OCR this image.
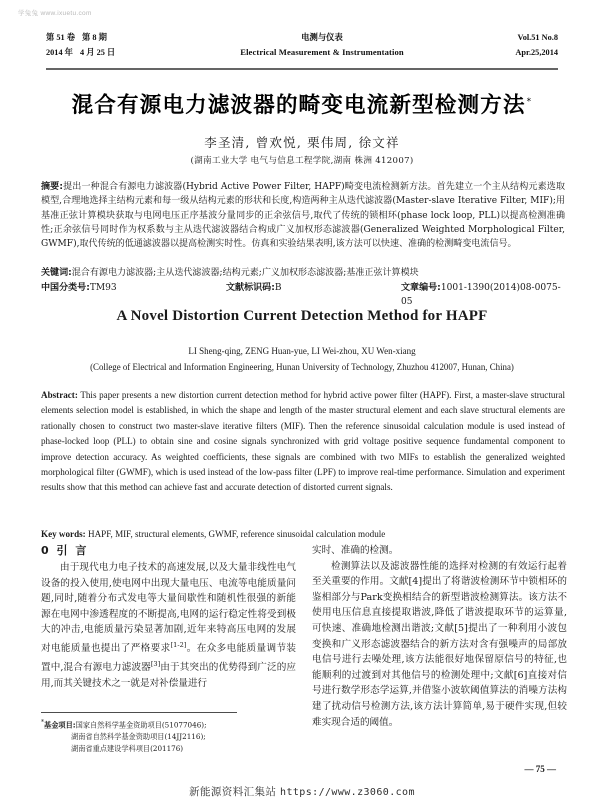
学兔兔 www.ixuetu.com
第 51 卷 第 8 期	电测与仪表	Vol.51 No.8
2014 年 4 月 25 日	Electrical Measurement & Instrumentation	Apr.25,2014
混合有源电力滤波器的畸变电流新型检测方法*
李圣清, 曾欢悦, 栗伟周, 徐文祥
(湖南工业大学 电气与信息工程学院,湖南 株洲 412007)
摘要:提出一种混合有源电力滤波器(Hybrid Active Power Filter, HAPF)畸变电流检测新方法。首先建立一个主从结构元素选取模型,合理地选择主结构元素和每一级从结构元素的形状和长度,构造两种主从迭代滤波器(Master-slave Iterative Filter, MIF);用基准正弦计算模块获取与电网电压正序基波分量同步的正余弦信号,取代了传统的锁相环(phase lock loop, PLL)以提高检测准确性;正余弦信号同时作为权系数与主从迭代滤波器结合构成广义加权形态滤波器(Generalized Weighted Morphological Filter, GWMF),取代传统的低通滤波器以提高检测实时性。仿真和实验结果表明,该方法可以快速、准确的检测畸变电流信号。
关键词:混合有源电力滤波器;主从迭代滤波器;结构元素;广义加权形态滤波器;基准正弦计算模块
中国分类号:TM93	文献标识码:B	文章编号:1001-1390(2014)08-0075-05
A Novel Distortion Current Detection Method for HAPF
LI Sheng-qing, ZENG Huan-yue, LI Wei-zhou, XU Wen-xiang
(College of Electrical and Information Engineering, Hunan University of Technology, Zhuzhou 412007, Hunan, China)
Abstract: This paper presents a new distortion current detection method for hybrid active power filter (HAPF). First, a master-slave structural elements selection model is established, in which the shape and length of the master structural element and each slave structural elements are rationally chosen to construct two master-slave iterative filters (MIF). Then the reference sinusoidal calculation module is used instead of phase-locked loop (PLL) to obtain sine and cosine signals synchronized with grid voltage positive sequence fundamental component to improve detection accuracy. As weighted coefficients, these signals are combined with two MIFs to establish the generalized weighted morphological filter (GWMF), which is used instead of the low-pass filter (LPF) to improve real-time performance. Simulation and experiment results show that this method can achieve fast and accurate detection of distorted current signals.
Key words: HAPF, MIF, structural elements, GWMF, reference sinusoidal calculation module
0 引 言
由于现代电力电子技术的高速发展,以及大量非线性电气设备的投入使用,使电网中出现大量电压、电流等电能质量问题,同时,随着分布式发电等大量间歇性和随机性很强的新能源在电网中渗透程度的不断提高,电网的运行稳定性将受到极大的冲击,电能质量污染显著加剧,近年来特高压电网的发展对电能质量也提出了严格要求[1-2]。在众多电能质量调节装置中,混合有源电力滤波器[3]由于其突出的优势得到广泛的应用,而其关键技术之一就是对补偿量进行
实时、准确的检测。
检测算法以及滤波器性能的选择对检测的有效运行起着至关重要的作用。文献[4]提出了将谐波检测环节中锁相环的鉴相部分与Park变换相结合的新型谐波检测算法。该方法不使用电压信息直接提取谐波,降低了谐波提取环节的运算量,可快速、准确地检测出谐波;文献[5]提出了一种利用小波包变换和广义形态滤波器结合的新方法对含有强噪声的局部放电信号进行去噪处理,该方法能很好地保留原信号的特征,也能顺利的过渡到对其他信号的检测处理中;文献[6]直接对信号进行数学形态学运算,并借鉴小波软阈值算法的消噪方法构建了扰动信号检测方法,该方法计算简单,易于硬件实现,但较难实现合适的阈值。
*基金项目:国家自然科学基金资助项目(51077046);
湖南省自然科学基金资助项目(14JJ2116);
湖南省重点建设学科项目(201176)
— 75 —
新能源资料汇集站 https://www.z3060.com
